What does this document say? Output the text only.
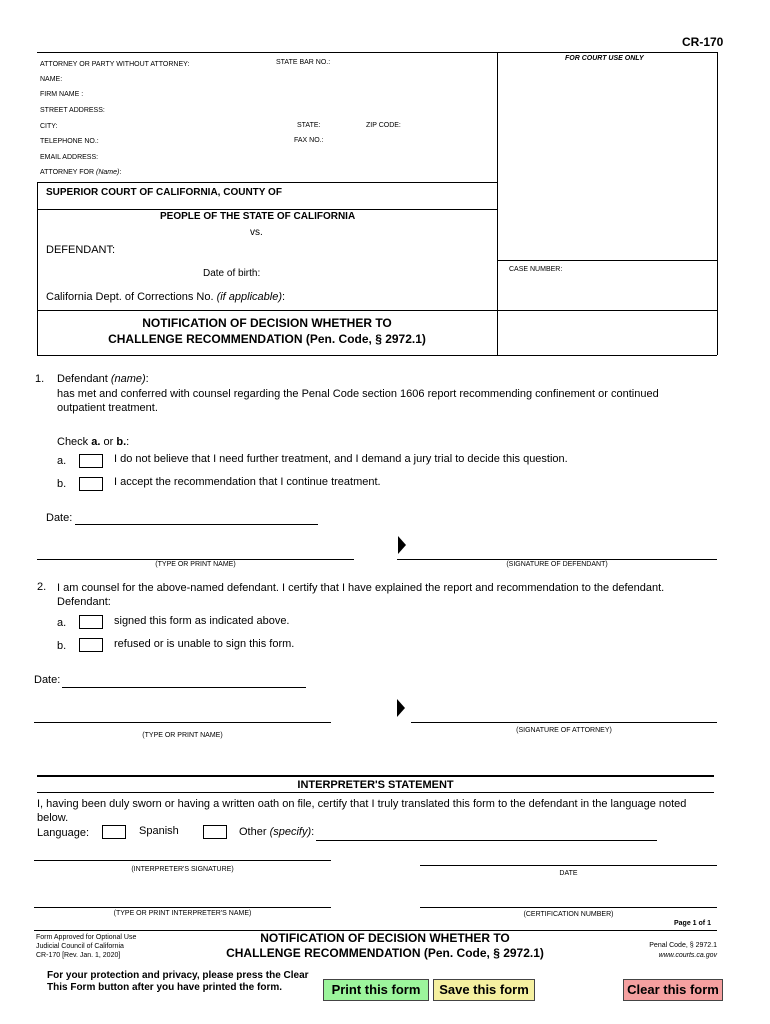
CR-170
ATTORNEY OR PARTY WITHOUT ATTORNEY:	STATE BAR NO.:
FOR COURT USE ONLY
NAME:
FIRM NAME :
STREET ADDRESS:
CITY:	STATE:	ZIP CODE:
TELEPHONE NO.:	FAX NO.:
EMAIL ADDRESS:
ATTORNEY FOR (Name):
SUPERIOR COURT OF CALIFORNIA, COUNTY OF
PEOPLE OF THE STATE OF CALIFORNIA
vs.
DEFENDANT:
Date of birth:
California Dept. of Corrections No. (if applicable):
CASE NUMBER:
NOTIFICATION OF DECISION WHETHER TO
CHALLENGE RECOMMENDATION (Pen. Code, § 2972.1)
1. Defendant (name):
has met and conferred with counsel regarding the Penal Code section 1606 report recommending confinement or continued
outpatient treatment.
Check a. or b.:
a.	I do not believe that I need further treatment, and I demand a jury trial to decide this question.
b.	I accept the recommendation that I continue treatment.
Date:
(TYPE OR PRINT NAME)	(SIGNATURE OF DEFENDANT)
2. I am counsel for the above-named defendant. I certify that I have explained the report and recommendation to the defendant.
Defendant:
a.	signed this form as indicated above.
b.	refused or is unable to sign this form.
Date:
(TYPE OR PRINT NAME)
(SIGNATURE OF ATTORNEY)
INTERPRETER'S STATEMENT
I, having been duly sworn or having a written oath on file, certify that I truly translated this form to the defendant in the language noted
below.
Language:	Spanish	Other (specify):
(INTERPRETER'S SIGNATURE)
DATE
(TYPE OR PRINT INTERPRETER'S NAME)	(CERTIFICATION NUMBER)
Page 1 of 1
Form Approved for Optional Use
Judicial Council of California
CR-170 [Rev. Jan. 1, 2020]
NOTIFICATION OF DECISION WHETHER TO
CHALLENGE RECOMMENDATION (Pen. Code, § 2972.1)
Penal Code, § 2972.1
www.courts.ca.gov
For your protection and privacy, please press the Clear
This Form button after you have printed the form.	Print this form	Save this form	Clear this form
